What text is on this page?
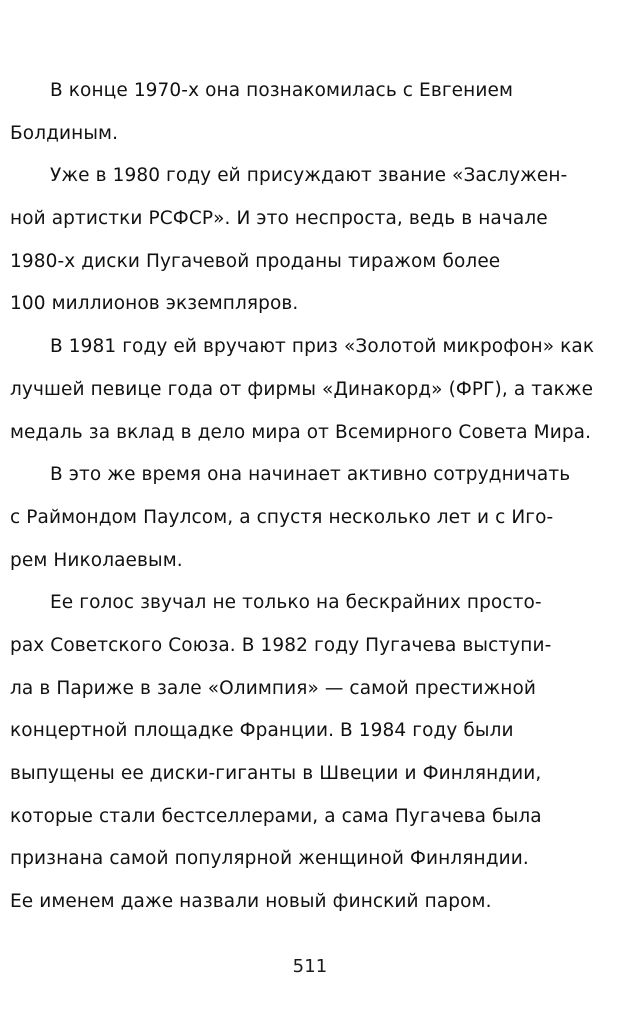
В конце 1970-х она познакомилась с Евгением
Болдиным.
Уже в 1980 году ей присуждают звание «Заслужен-
ной артистки РСФСР». И это неспроста, ведь в начале
1980-х диски Пугачевой проданы тиражом более
100 миллионов экземпляров.
В 1981 году ей вручают приз «Золотой микрофон» как
лучшей певице года от фирмы «Динакорд» (ФРГ), а также
медаль за вклад в дело мира от Всемирного Совета Мира.
В это же время она начинает активно сотрудничать
с Раймондом Паулсом, а спустя несколько лет и с Иго-
рем Николаевым.
Ее голос звучал не только на бескрайних просто-
рах Советского Союза. В 1982 году Пугачева выступи-
ла в Париже в зале «Олимпия» — самой престижной
концертной площадке Франции. В 1984 году были
выпущены ее диски-гиганты в Швеции и Финляндии,
которые стали бестселлерами, а сама Пугачева была
признана самой популярной женщиной Финляндии.
Ее именем даже назвали новый финский паром.
511
